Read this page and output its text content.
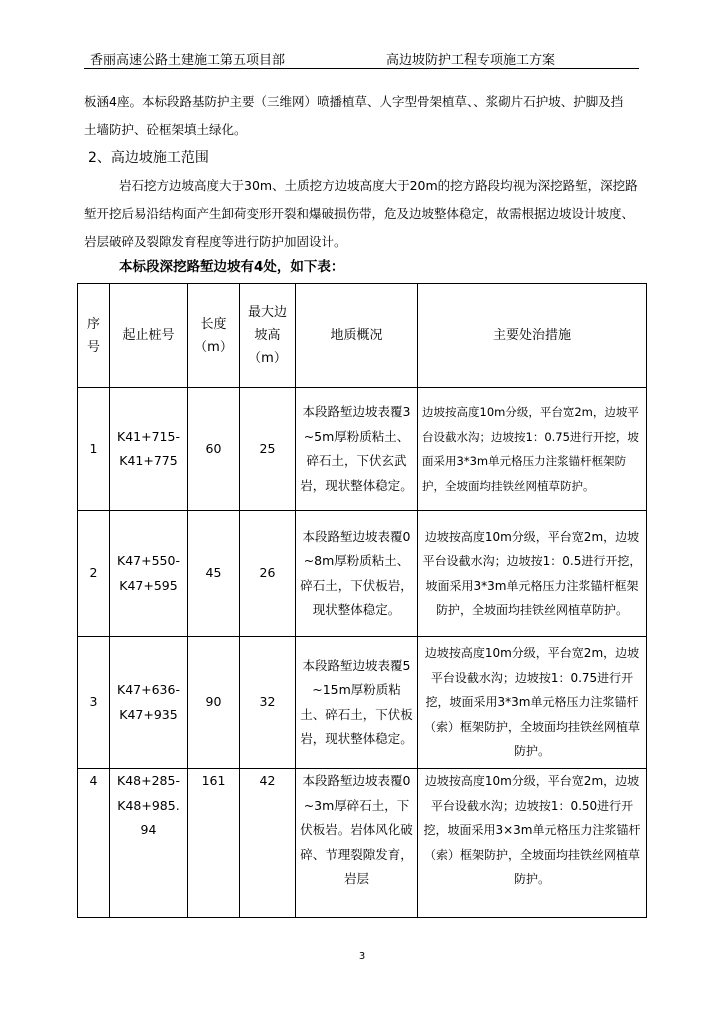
香丽高速公路土建施工第五项目部	高边坡防护工程专项施工方案

板涵4座。本标段路基防护主要（三维网）喷播植草、人字型骨架植草、、浆砌片石护坡、护脚及挡

土墙防护、砼框架填土绿化。

2、高边坡施工范围

岩石挖方边坡高度大于30m、土质挖方边坡高度大于20m的挖方路段均视为深挖路堑，深挖路

堑开挖后易沿结构面产生卸荷变形开裂和爆破损伤带，危及边坡整体稳定，故需根据边坡设计坡度、

岩层破碎及裂隙发育程度等进行防护加固设计。

本标段深挖路堑边坡有4处，如下表：
序号	起止桩号	长度（m）	最大边坡高（m）	地质概况	主要处治措施
1	K41+715-K41+775	60	25	本段路堑边坡表覆3~5m厚粉质粘土、碎石土，下伏玄武岩，现状整体稳定。	边坡按高度10m分级，平台宽2m，边坡平台设截水沟；边坡按1：0.75进行开挖，坡面采用3*3m单元格压力注浆锚杆框架防护，全坡面均挂铁丝网植草防护。
2	K47+550-K47+595	45	26	本段路堑边坡表覆0~8m厚粉质粘土、碎石土，下伏板岩，现状整体稳定。	边坡按高度10m分级，平台宽2m，边坡平台设截水沟；边坡按1：0.5进行开挖，坡面采用3*3m单元格压力注浆锚杆框架防护，全坡面均挂铁丝网植草防护。
3	K47+636-K47+935	90	32	本段路堑边坡表覆5~15m厚粉质粘土、碎石土，下伏板岩，现状整体稳定。	边坡按高度10m分级，平台宽2m，边坡平台设截水沟；边坡按1：0.75进行开挖，坡面采用3*3m单元格压力注浆锚杆（索）框架防护，全坡面均挂铁丝网植草防护。
4	K48+285-K48+985.94	161	42	本段路堑边坡表覆0~3m厚碎石土，下伏板岩。岩体风化破碎、节理裂隙发育，岩层	边坡按高度10m分级，平台宽2m，边坡平台设截水沟；边坡按1：0.50进行开挖，坡面采用3×3m单元格压力注浆锚杆（索）框架防护，全坡面均挂铁丝网植草防护。
3
